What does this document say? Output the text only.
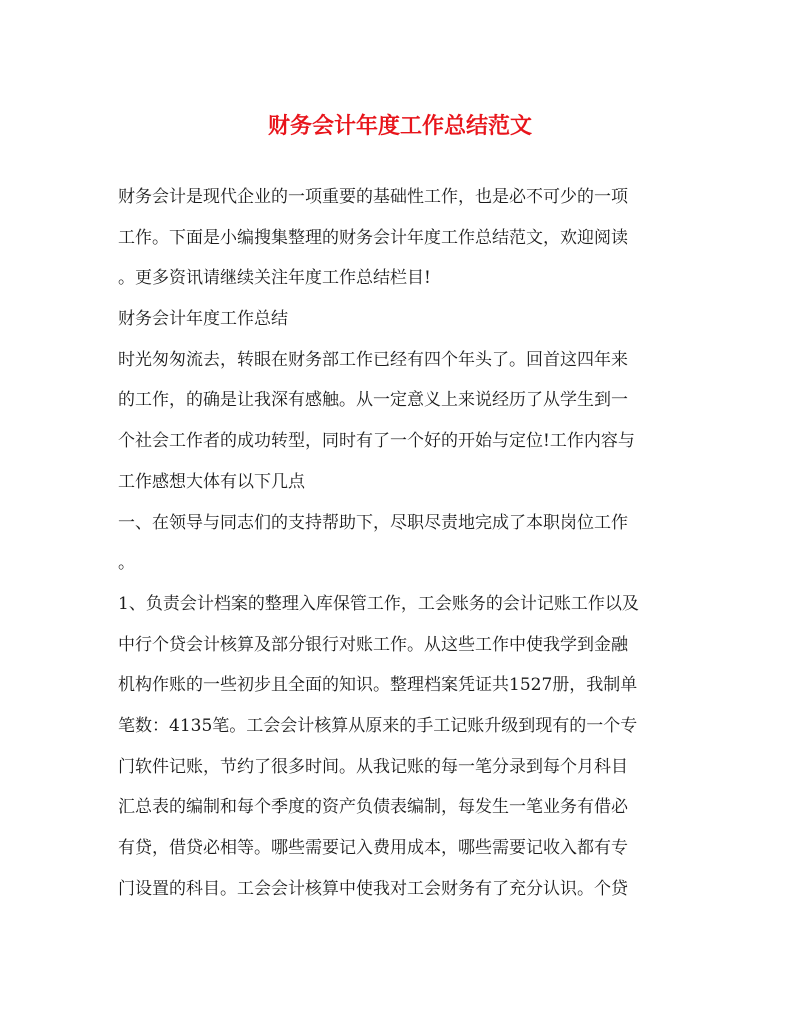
财务会计年度工作总结范文
财务会计是现代企业的一项重要的基础性工作，也是必不可少的一项
工作。下面是小编搜集整理的财务会计年度工作总结范文，欢迎阅读
。更多资讯请继续关注年度工作总结栏目!
财务会计年度工作总结
时光匆匆流去，转眼在财务部工作已经有四个年头了。回首这四年来
的工作，的确是让我深有感触。从一定意义上来说经历了从学生到一
个社会工作者的成功转型，同时有了一个好的开始与定位!工作内容与
工作感想大体有以下几点
一、在领导与同志们的支持帮助下，尽职尽责地完成了本职岗位工作
。
1、负责会计档案的整理入库保管工作，工会账务的会计记账工作以及
中行个贷会计核算及部分银行对账工作。从这些工作中使我学到金融
机构作账的一些初步且全面的知识。整理档案凭证共1527册，我制单
笔数：4135笔。工会会计核算从原来的手工记账升级到现有的一个专
门软件记账，节约了很多时间。从我记账的每一笔分录到每个月科目
汇总表的编制和每个季度的资产负债表编制，每发生一笔业务有借必
有贷，借贷必相等。哪些需要记入费用成本，哪些需要记收入都有专
门设置的科目。工会会计核算中使我对工会财务有了充分认识。个贷
